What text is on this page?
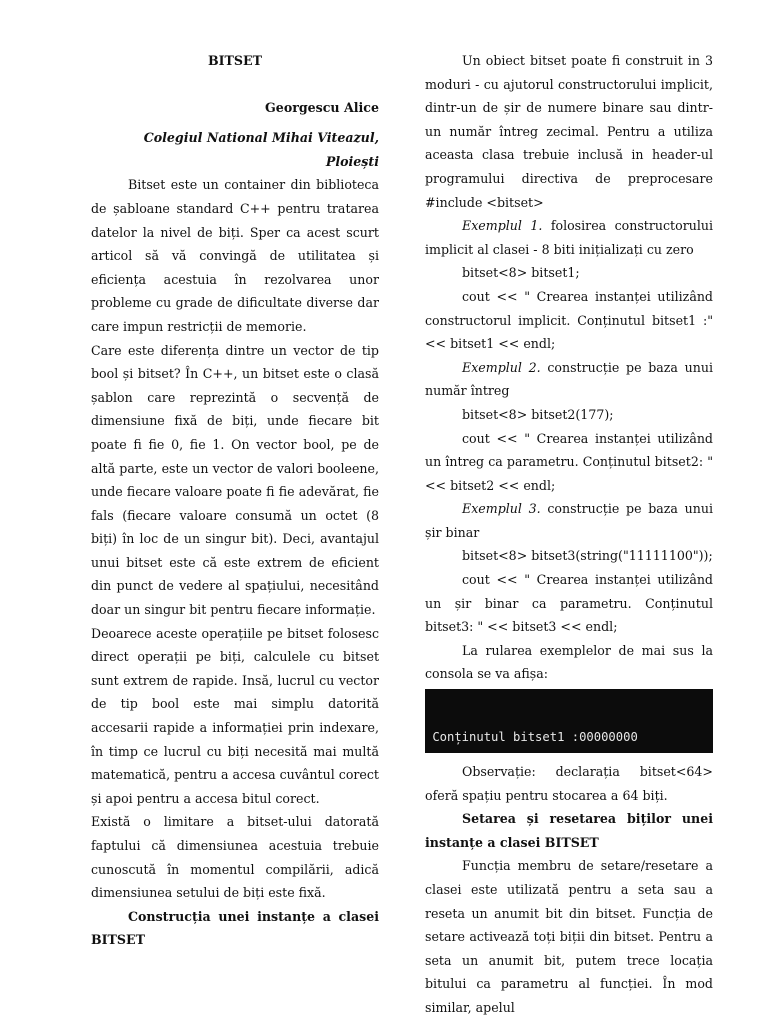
BITSET

Georgescu Alice

Colegiul National Mihai Viteazul,

Ploiești

Bitset este un container din biblioteca de șabloane standard C++ pentru tratarea datelor la nivel de biți. Sper ca acest scurt articol să vă convingă de utilitatea și eficiența acestuia în rezolvarea unor probleme cu grade de dificultate diverse dar care impun restricții de memorie.

Care este diferența dintre un vector de tip bool și bitset? În C++, un bitset este o clasă șablon care reprezintă o secvență de dimensiune fixă de biți, unde fiecare bit poate fi fie 0, fie 1. On vector bool, pe de altă parte, este un vector de valori booleene, unde fiecare valoare poate fi fie adevărat, fie fals (fiecare valoare consumă un octet (8 biți) în loc de un singur bit). Deci, avantajul unui bitset este că este extrem de eficient din punct de vedere al spațiului, necesitând doar un singur bit pentru fiecare informație.

Deoarece aceste operațiile pe bitset folosesc direct operații pe biți, calculele cu bitset sunt extrem de rapide. Insă, lucrul cu vector de tip bool este mai simplu datorită accesarii rapide a informației prin indexare, în timp ce lucrul cu biți necesită mai multă matematică, pentru a accesa cuvântul corect și apoi pentru a accesa bitul corect.

Există o limitare a bitset-ului datorată faptului că dimensiunea acestuia trebuie cunoscută în momentul compilării, adică dimensiunea setului de biți este fixă.

Construcția unei instanțe a clasei BITSET

Un obiect bitset poate fi construit in 3 moduri - cu ajutorul constructorului implicit, dintr-un de șir de numere binare sau dintr-un număr întreg zecimal. Pentru a utiliza aceasta clasa trebuie inclusă in header-ul programului directiva de preprocesare #include <bitset>

Exemplul 1. folosirea constructorului implicit al clasei - 8 biti inițializați cu zero

bitset<8> bitset1;

cout << " Crearea instanței utilizând constructorul implicit. Conținutul bitset1 :" << bitset1 << endl;

Exemplul 2. construcție pe baza unui număr întreg

bitset<8> bitset2(177);

cout << " Crearea instanței utilizând un întreg ca parametru. Conținutul bitset2: " << bitset2 << endl;

Exemplul 3. construcție pe baza unui șir binar

bitset<8> bitset3(string("11111100"));

cout << " Crearea instanței utilizând un șir binar ca parametru. Conținutul bitset3: " << bitset3 << endl;

La rularea exemplelor de mai sus la consola se va afișa:

Conținutul bitset1 :00000000

Observație: declarația bitset<64> oferă spațiu pentru stocarea a 64 biți.

Setarea și resetarea biților unei instanțe a clasei BITSET

Funcția membru de setare/resetare a clasei este utilizată pentru a seta sau a reseta un anumit bit din bitset. Funcția de setare activează toți biții din bitset. Pentru a seta un anumit bit, putem trece locația bitului ca parametru al funcției. În mod similar, apelul
